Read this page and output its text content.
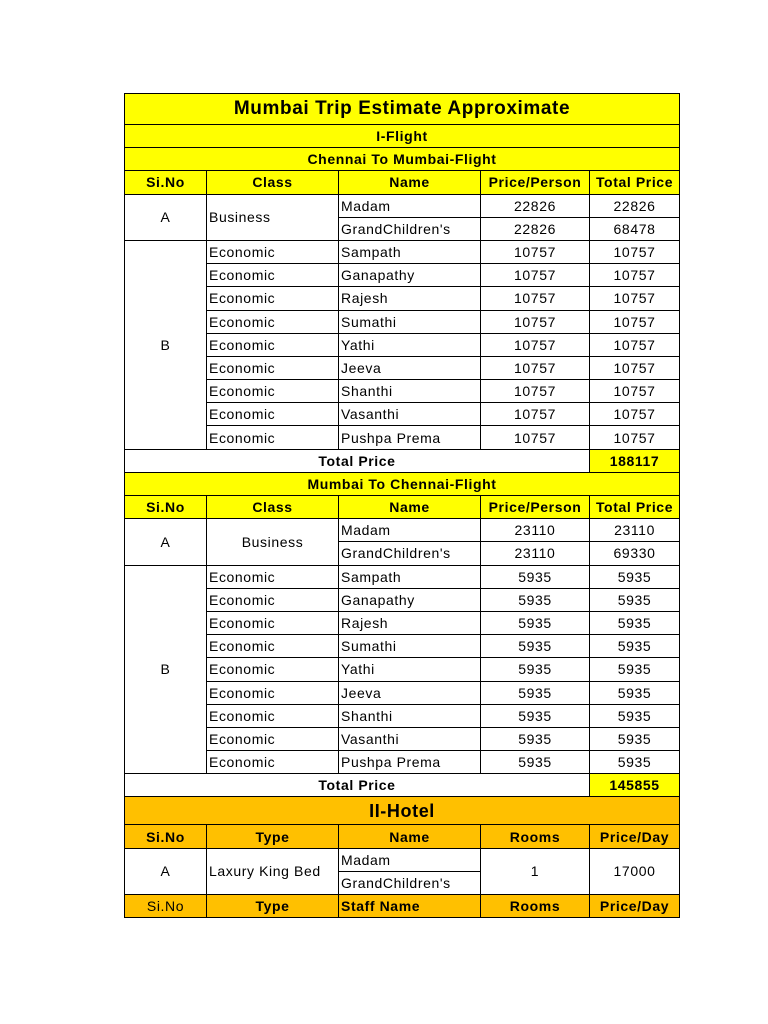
Mumbai Trip Estimate Approximate				
I-Flight				
Chennai To Mumbai-Flight				
Si.No	Class	Name	Price/Person	Total Price
A	Business	Madam	22826	22826
		GrandChildren's	22826	68478
B	Economic	Sampath	10757	10757
	Economic	Ganapathy	10757	10757
	Economic	Rajesh	10757	10757
	Economic	Sumathi	10757	10757
	Economic	Yathi	10757	10757
	Economic	Jeeva	10757	10757
	Economic	Shanthi	10757	10757
	Economic	Vasanthi	10757	10757
	Economic	Pushpa Prema	10757	10757
Total Price				188117
Mumbai To Chennai-Flight				
Si.No	Class	Name	Price/Person	Total Price
A	Business	Madam	23110	23110
		GrandChildren's	23110	69330
B	Economic	Sampath	5935	5935
	Economic	Ganapathy	5935	5935
	Economic	Rajesh	5935	5935
	Economic	Sumathi	5935	5935
	Economic	Yathi	5935	5935
	Economic	Jeeva	5935	5935
	Economic	Shanthi	5935	5935
	Economic	Vasanthi	5935	5935
	Economic	Pushpa Prema	5935	5935
Total Price				145855
II-Hotel				
Si.No	Type	Name	Rooms	Price/Day
A	Laxury King Bed	Madam	1	17000
		GrandChildren's		
Si.No	Type	Staff Name	Rooms	Price/Day
